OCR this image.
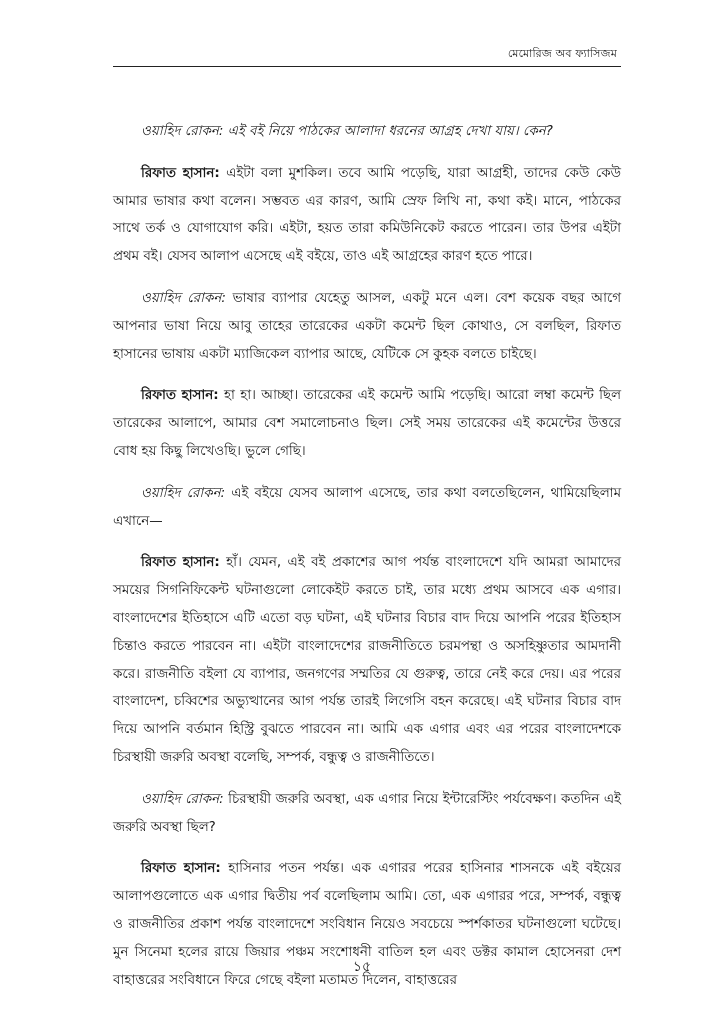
মেমোরিজ অব ফ্যাসিজম

ওয়াহিদ রোকন: এই বই নিয়ে পাঠকের আলাদা ধরনের আগ্রহ দেখা যায়। কেন?

রিফাত হাসান: এইটা বলা মুশকিল। তবে আমি পড়েছি, যারা আগ্রহী, তাদের কেউ কেউ আমার ভাষার কথা বলেন। সম্ভবত এর কারণ, আমি স্রেফ লিখি না, কথা কই। মানে, পাঠকের সাথে তর্ক ও যোগাযোগ করি। এইটা, হয়ত তারা কমিউনিকেট করতে পারেন। তার উপর এইটা প্রথম বই। যেসব আলাপ এসেছে এই বইয়ে, তাও এই আগ্রহের কারণ হতে পারে।

ওয়াহিদ রোকন: ভাষার ব্যাপার যেহেতু আসল, একটু মনে এল। বেশ কয়েক বছর আগে আপনার ভাষা নিয়ে আবু তাহের তারেকের একটা কমেন্ট ছিল কোথাও, সে বলছিল, রিফাত হাসানের ভাষায় একটা ম্যাজিকেল ব্যাপার আছে, যেটিকে সে কুহক বলতে চাইছে।

রিফাত হাসান: হা হা। আচ্ছা। তারেকের এই কমেন্ট আমি পড়েছি। আরো লম্বা কমেন্ট ছিল তারেকের আলাপে, আমার বেশ সমালোচনাও ছিল। সেই সময় তারেকের এই কমেন্টের উত্তরে বোধ হয় কিছু লিখেওছি। ভুলে গেছি।

ওয়াহিদ রোকন: এই বইয়ে যেসব আলাপ এসেছে, তার কথা বলতেছিলেন, থামিয়েছিলাম এখানে—

রিফাত হাসান: হাঁ। যেমন, এই বই প্রকাশের আগ পর্যন্ত বাংলাদেশে যদি আমরা আমাদের সময়ের সিগনিফিকেন্ট ঘটনাগুলো লোকেইট করতে চাই, তার মধ্যে প্রথম আসবে এক এগার। বাংলাদেশের ইতিহাসে এটি এতো বড় ঘটনা, এই ঘটনার বিচার বাদ দিয়ে আপনি পরের ইতিহাস চিন্তাও করতে পারবেন না। এইটা বাংলাদেশের রাজনীতিতে চরমপন্থা ও অসহিষ্ণুতার আমদানী করে। রাজনীতি বইলা যে ব্যাপার, জনগণের সম্মতির যে গুরুত্ব, তারে নেই করে দেয়। এর পরের বাংলাদেশ, চব্বিশের অভ্যুত্থানের আগ পর্যন্ত তারই লিগেসি বহন করেছে। এই ঘটনার বিচার বাদ দিয়ে আপনি বর্তমান হিস্ট্রি বুঝতে পারবেন না। আমি এক এগার এবং এর পরের বাংলাদেশকে চিরস্থায়ী জরুরি অবস্থা বলেছি, সম্পর্ক, বন্ধুত্ব ও রাজনীতিতে।

ওয়াহিদ রোকন: চিরস্থায়ী জরুরি অবস্থা, এক এগার নিয়ে ইন্টারেস্টিং পর্যবেক্ষণ। কতদিন এই জরুরি অবস্থা ছিল?

রিফাত হাসান: হাসিনার পতন পর্যন্ত। এক এগারর পরের হাসিনার শাসনকে এই বইয়ের আলাপগুলোতে এক এগার দ্বিতীয় পর্ব বলেছিলাম আমি। তো, এক এগারর পরে, সম্পর্ক, বন্ধুত্ব ও রাজনীতির প্রকাশ পর্যন্ত বাংলাদেশে সংবিধান নিয়েও সবচেয়ে স্পর্শকাতর ঘটনাগুলো ঘটেছে। মুন সিনেমা হলের রায়ে জিয়ার পঞ্চম সংশোধনী বাতিল হল এবং ডক্টর কামাল হোসেনরা দেশ বাহাত্তরের সংবিধানে ফিরে গেছে বইলা মতামত দিলেন, বাহাত্তরের

১৫
